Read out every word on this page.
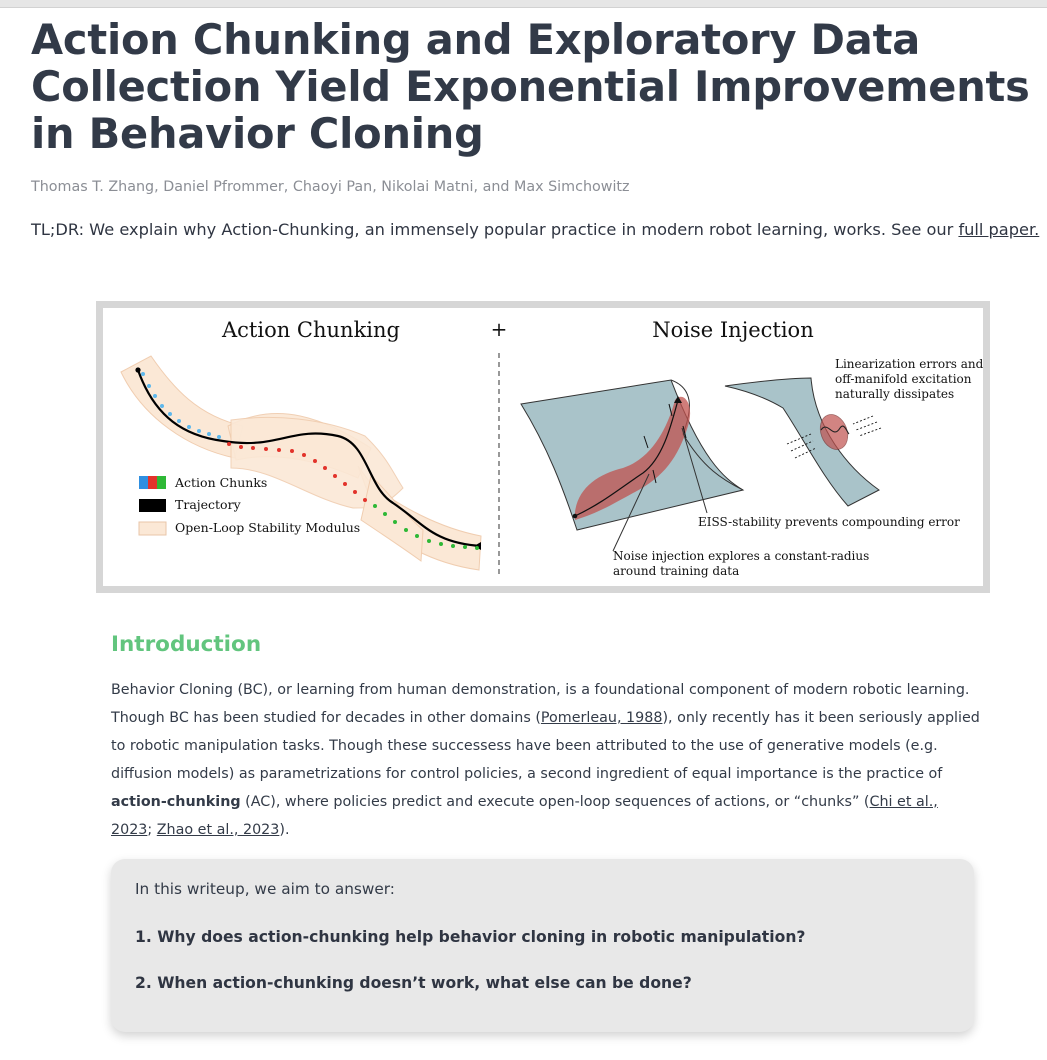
Action Chunking and Exploratory Data Collection Yield Exponential Improvements in Behavior Cloning
Thomas T. Zhang, Daniel Pfrommer, Chaoyi Pan, Nikolai Matni, and Max Simchowitz
TL;DR: We explain why Action-Chunking, an immensely popular practice in modern robot learning, works. See our full paper.
Action Chunking	+
Action Chunks
Trajectory
Open-Loop Stability Modulus
Noise Injection
Linearization errors and
off-manifold excitation
naturally dissipates
EISS-stability prevents compounding error
Noise injection explores a constant-radius
around training data
Introduction

Behavior Cloning (BC), or learning from human demonstration, is a foundational component of modern robotic learning. Though BC has been studied for decades in other domains (Pomerleau, 1988), only recently has it been seriously applied to robotic manipulation tasks. Though these successess have been attributed to the use of generative models (e.g. diffusion models) as parametrizations for control policies, a second ingredient of equal importance is the practice of action-chunking (AC), where policies predict and execute open-loop sequences of actions, or “chunks” (Chi et al., 2023; Zhao et al., 2023).

In this writeup, we aim to answer:
1. Why does action-chunking help behavior cloning in robotic manipulation?
2. When action-chunking doesn’t work, what else can be done?
